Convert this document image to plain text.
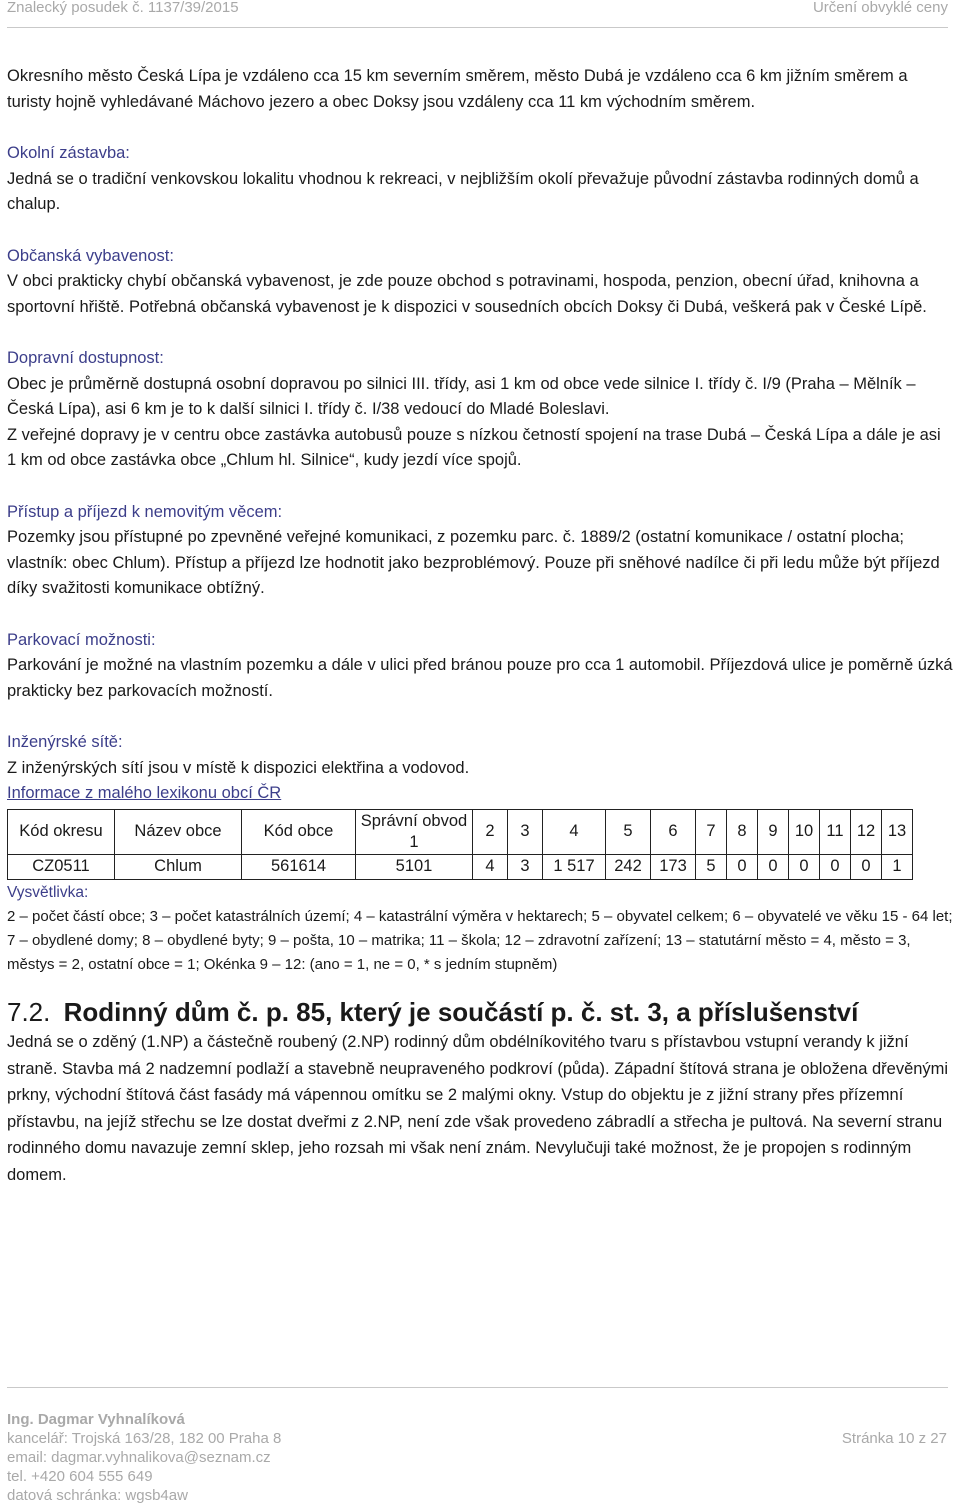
Znalecký posudek č. 1137/39/2015	Určení obvyklé ceny

Okresního město Česká Lípa je vzdáleno cca 15 km severním směrem, město Dubá je vzdáleno cca 6 km jižním směrem a turisty hojně vyhledávané Máchovo jezero a obec Doksy jsou vzdáleny cca 11 km východním směrem.

Okolní zástavba:

Jedná se o tradiční venkovskou lokalitu vhodnou k rekreaci, v nejbližším okolí převažuje původní zástavba rodinných domů a chalup.

Občanská vybavenost:

V obci prakticky chybí občanská vybavenost, je zde pouze obchod s potravinami, hospoda, penzion, obecní úřad, knihovna a sportovní hřiště. Potřebná občanská vybavenost je k dispozici v sousedních obcích Doksy či Dubá, veškerá pak v České Lípě.

Dopravní dostupnost:

Obec je průměrně dostupná osobní dopravou po silnici III. třídy, asi 1 km od obce vede silnice I. třídy č. I/9 (Praha – Mělník – Česká Lípa), asi 6 km je to k další silnici I. třídy č. I/38 vedoucí do Mladé Boleslavi.

Z veřejné dopravy je v centru obce zastávka autobusů pouze s nízkou četností spojení na trase Dubá – Česká Lípa a dále je asi 1 km od obce zastávka obce „Chlum hl. Silnice“, kudy jezdí více spojů.

Přístup a příjezd k nemovitým věcem:

Pozemky jsou přístupné po zpevněné veřejné komunikaci, z pozemku parc. č. 1889/2 (ostatní komunikace / ostatní plocha; vlastník: obec Chlum). Přístup a příjezd lze hodnotit jako bezproblémový. Pouze při sněhové nadílce či při ledu může být příjezd díky svažitosti komunikace obtížný.

Parkovací možnosti:

Parkování je možné na vlastním pozemku a dále v ulici před bránou pouze pro cca 1 automobil. Příjezdová ulice je poměrně úzká prakticky bez parkovacích možností.

Inženýrské sítě:

Z inženýrských sítí jsou v místě k dispozici elektřina a vodovod.

Informace z malého lexikonu obcí ČR

Kód okresu	Název obce	Kód obce	Správní obvod 1	2	3	4	5	6	7	8	9	10	11	12	13
CZ0511	Chlum	561614	5101	4	3	1 517	242	173	5	0	0	0	0	0	1

Vysvětlivka:

2 – počet částí obce; 3 – počet katastrálních území; 4 – katastrální výměra v hektarech; 5 – obyvatel celkem; 6 – obyvatelé ve věku 15 - 64 let; 7 – obydlené domy; 8 – obydlené byty; 9 – pošta, 10 – matrika; 11 – škola; 12 – zdravotní zařízení; 13 – statutární město = 4, město = 3, městys = 2, ostatní obce = 1; Okénka 9 – 12: (ano = 1, ne = 0, * s jedním stupněm)

7.2. Rodinný dům č. p. 85, který je součástí p. č. st. 3, a příslušenství

Jedná se o zděný (1.NP) a částečně roubený (2.NP) rodinný dům obdélníkovitého tvaru s přístavbou vstupní verandy k jižní straně. Stavba má 2 nadzemní podlaží a stavebně neupraveného podkroví (půda). Západní štítová strana je obložena dřevěnými prkny, východní štítová část fasády má vápennou omítku se 2 malými okny. Vstup do objektu je z jižní strany přes přízemní přístavbu, na jejíž střechu se lze dostat dveřmi z 2.NP, není zde však provedeno zábradlí a střecha je pultová. Na severní stranu rodinného domu navazuje zemní sklep, jeho rozsah mi však není znám. Nevylučuji také možnost, že je propojen s rodinným domem.

Ing. Dagmar Vyhnalíková
kancelář: Trojská 163/28, 182 00 Praha 8
email: dagmar.vyhnalikova@seznam.cz
tel. +420 604 555 649
datová schránka: wgsb4aw
Stránka 10 z 27
